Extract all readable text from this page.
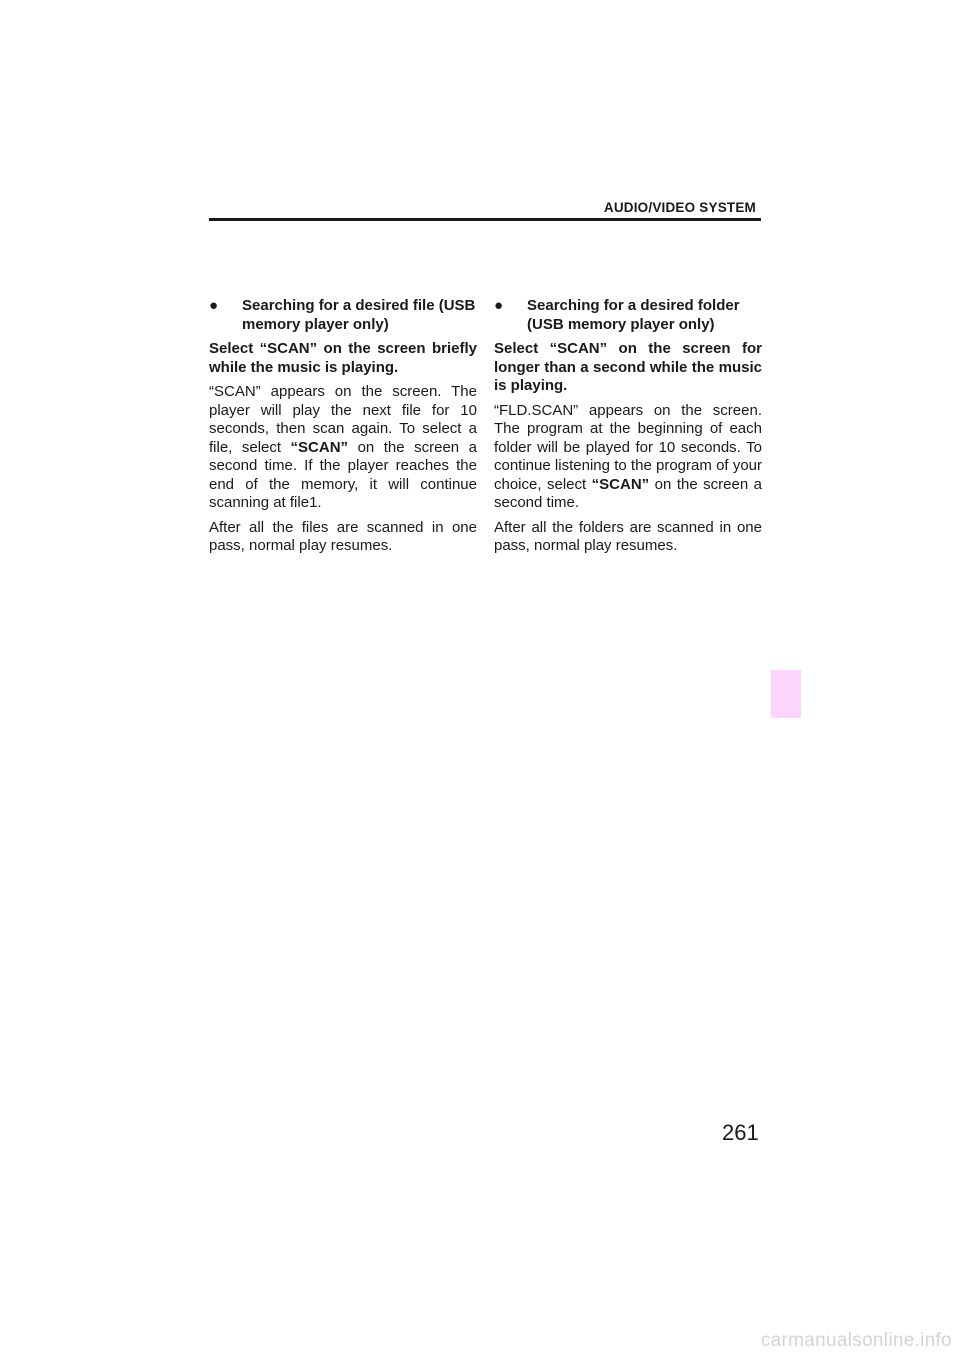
AUDIO/VIDEO SYSTEM
●	Searching for a desired file (USB memory player only)

Select “SCAN” on the screen briefly while the music is playing.

“SCAN” appears on the screen. The player will play the next file for 10 seconds, then scan again. To select a file, select “SCAN” on the screen a second time. If the player reaches the end of the memory, it will continue scanning at file1.

After all the files are scanned in one pass, normal play resumes.

●	Searching for a desired folder (USB memory player only)

Select “SCAN” on the screen for longer than a second while the music is playing.

“FLD.SCAN” appears on the screen. The program at the beginning of each folder will be played for 10 seconds. To continue listening to the program of your choice, select “SCAN” on the screen a second time.

After all the folders are scanned in one pass, normal play resumes.

261
carmanualsonline.info
